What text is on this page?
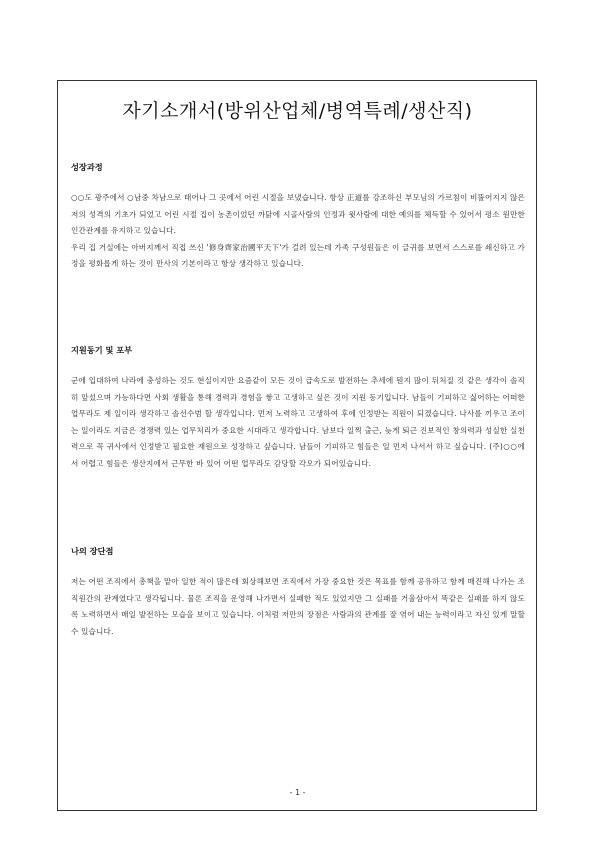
자기소개서(방위산업체/병역특례/생산직)
성장과정

○○도 광주에서 ○남중 차남으로 태어나 그 곳에서 어린 시절을 보냈습니다. 항상 正道를 강조하신 부모님의 가르침이 비뚤어지지 않은 저의 성격의 기초가 되었고 어린 시절 집이 농촌이었던 까닭에 시골사람의 인정과 윗사람에 대한 예의를 체득할 수 있어서 평소 원만한 인간관계를 유지하고 있습니다.

우리 집 거실에는 아버지께서 직접 쓰신 '修身齊家治國平天下'가 걸려 있는데 가족 구성원들은 이 글귀를 보면서 스스로를 쇄신하고 가정을 평화롭게 하는 것이 만사의 기본이라고 항상 생각하고 있습니다.

지원동기 및 포부

군에 입대하여 나라에 충성하는 것도 현실이지만 요즘같이 모든 것이 급속도로 발전하는 추세에 뭔지 많이 뒤처질 것 같은 생각이 솔직히 앞섰으며 가능하다면 사회 생활을 통해 경력과 경험을 쌓고 고생하고 싶은 것이 지원 동기입니다. 남들이 기피하고 싫어하는 어떠한 업무라도 제 일이라 생각하고 솔선수범 할 생각입니다. 먼저 노력하고 고생하여 후에 인정받는 직원이 되겠습니다. 나사를 끼우고 조이는 일이라도 지금은 경쟁력 있는 업무처리가 중요한 시대라고 생각합니다. 남보다 일찍 출근, 늦게 퇴근 진보적인 창의력과 성실한 실천력으로 꼭 귀사에서 인정받고 필요한 재원으로 성장하고 싶습니다. 남들이 기피하고 힘들은 일 먼저 나서서 하고 싶습니다. (주)○○에서 어렵고 힘들은 생산지에서 근무한 바 있어 어떤 업무라도 감당할 각오가 되어있습니다.

나의 장단점

저는 어떤 조직에서 총책을 맡아 일한 적이 많은데 회상해보면 조직에서 가장 중요한 것은 목표를 함께 공유하고 함께 매진해 나가는 조직원간의 관계였다고 생각됩니다. 물론 조직을 운영해 나가면서 실패한 적도 있었지만 그 실패를 거울삼아서 똑같은 실패를 하지 않도록 노력하면서 매일 발전하는 모습을 보이고 있습니다. 이처럼 저만의 장점은 사람과의 관계를 잘 엮어 내는 능력이라고 자신 있게 말할 수 있습니다.

- 1 -
